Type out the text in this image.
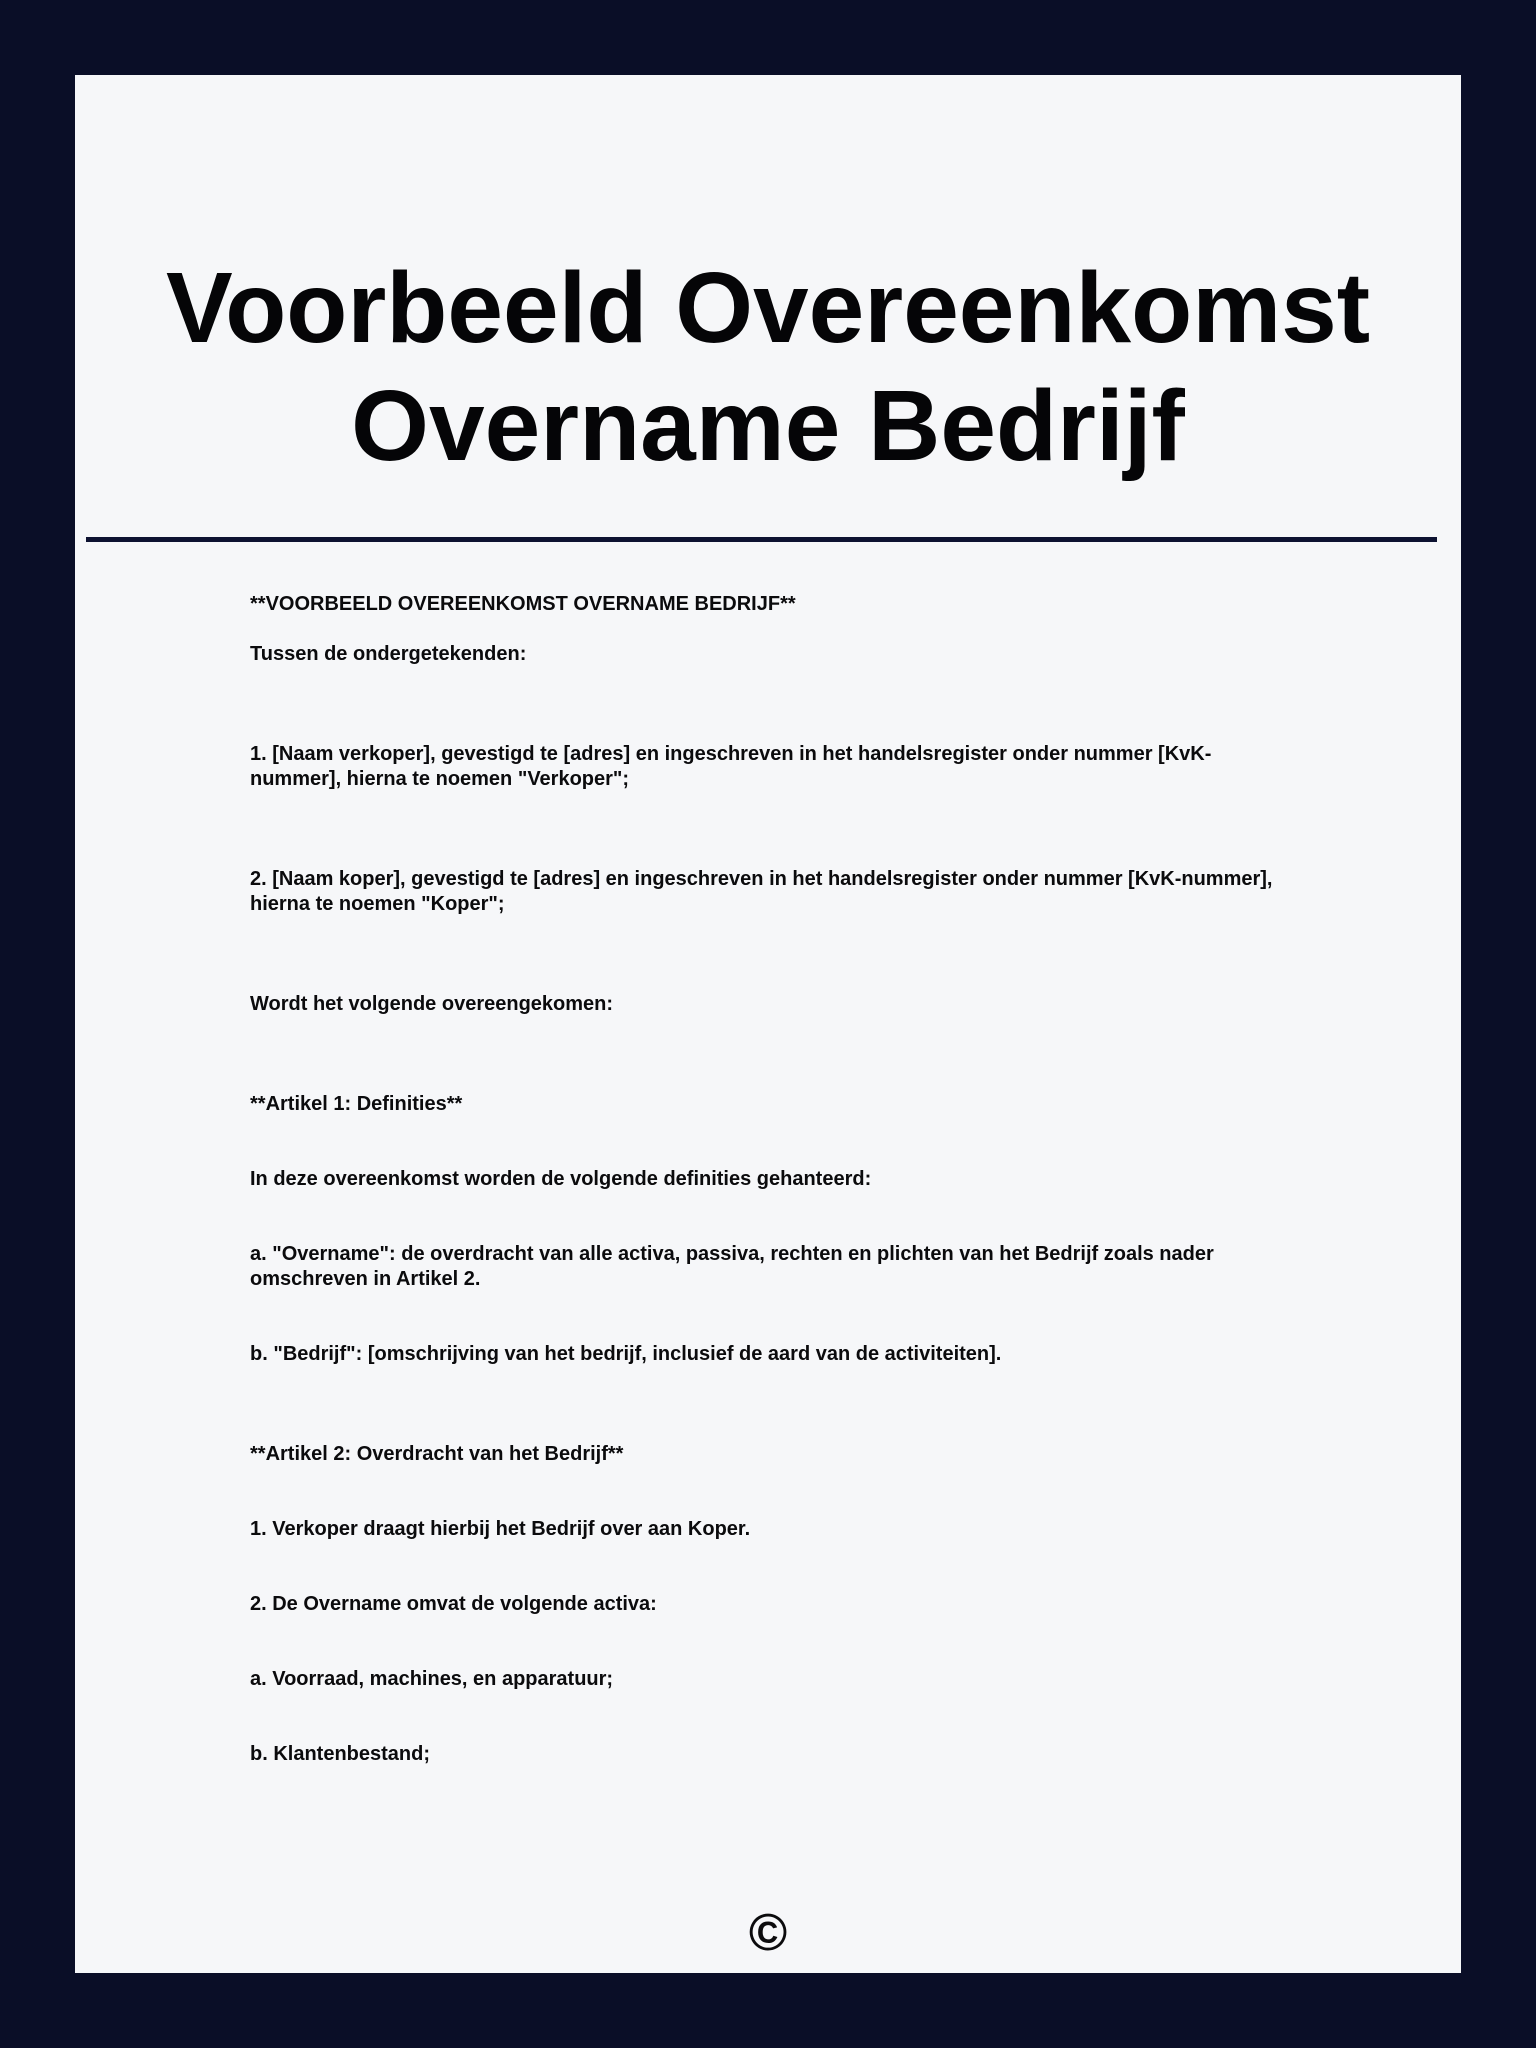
Voorbeeld Overeenkomst
Overname Bedrijf

**VOORBEELD OVEREENKOMST OVERNAME BEDRIJF**

Tussen de ondergetekenden:

1. [Naam verkoper], gevestigd te [adres] en ingeschreven in het handelsregister onder nummer [KvK-nummer], hierna te noemen "Verkoper";

2. [Naam koper], gevestigd te [adres] en ingeschreven in het handelsregister onder nummer [KvK-nummer], hierna te noemen "Koper";

Wordt het volgende overeengekomen:

**Artikel 1: Definities**

In deze overeenkomst worden de volgende definities gehanteerd:

a. "Overname": de overdracht van alle activa, passiva, rechten en plichten van het Bedrijf zoals nader omschreven in Artikel 2.

b. "Bedrijf": [omschrijving van het bedrijf, inclusief de aard van de activiteiten].

**Artikel 2: Overdracht van het Bedrijf**

1. Verkoper draagt hierbij het Bedrijf over aan Koper.

2. De Overname omvat de volgende activa:

a. Voorraad, machines, en apparatuur;

b. Klantenbestand;

©
